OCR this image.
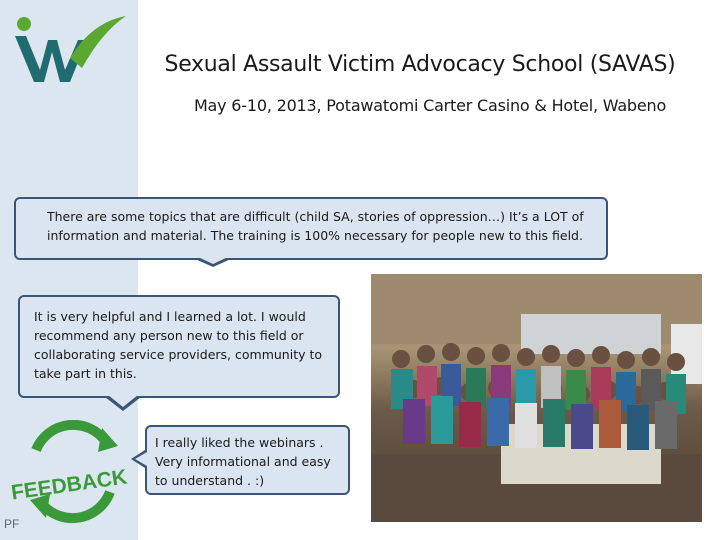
Sexual Assault Victim Advocacy School (SAVAS)
May 6-10, 2013, Potawatomi Carter Casino & Hotel, Wabeno
There are some topics that are difficult (child SA, stories of oppression…) It’s a LOT of information and material. The training is 100% necessary for people new to this field.
It is very helpful and I learned a lot. I would recommend any person new to this field or collaborating service providers, community to take part in this.
I really liked the webinars . Very informational and easy to understand . :)
FEEDBACK
PF
